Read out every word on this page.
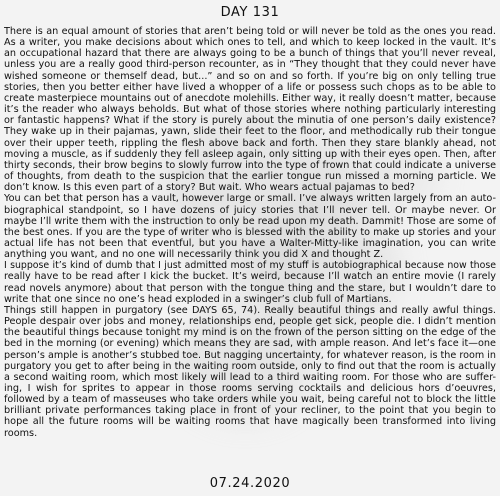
DAY 131
There is an equal amount of stories that aren’t being told or will never be told as the ones you read.
As a writer, you make decisions about which ones to tell, and which to keep locked in the vault. It’s
an occupational hazard that there are always going to be a bunch of things that you’ll never reveal,
unless you are a really good third-person recounter, as in “They thought that they could never have
wished someone or themself dead, but...” and so on and so forth. If you’re big on only telling true
stories, then you better either have lived a whopper of a life or possess such chops as to be able to
create masterpiece mountains out of anecdote molehills. Either way, it really doesn’t matter, because
it’s the reader who always beholds. But what of those stories where nothing particularly interesting
or fantastic happens? What if the story is purely about the minutia of one person’s daily existence?
They wake up in their pajamas, yawn, slide their feet to the floor, and methodically rub their tongue
over their upper teeth, rippling the flesh above back and forth. Then they stare blankly ahead, not
moving a muscle, as if suddenly they fell asleep again, only sitting up with their eyes open. Then, after
thirty seconds, their brow begins to slowly furrow into the type of frown that could indicate a universe
of thoughts, from death to the suspicion that the earlier tongue run missed a morning particle. We
don’t know. Is this even part of a story? But wait. Who wears actual pajamas to bed?
You can bet that person has a vault, however large or small. I’ve always written largely from an auto-
biographical standpoint, so I have dozens of juicy stories that I’ll never tell. Or maybe never. Or
maybe I’ll write them with the instruction to only be read upon my death. Dammit! Those are some of
the best ones. If you are the type of writer who is blessed with the ability to make up stories and your
actual life has not been that eventful, but you have a Walter-Mitty-like imagination, you can write
anything you want, and no one will necessarily think you did X and thought Z.
I suppose it’s kind of dumb that I just admitted most of my stuff is autobiographical because now those
really have to be read after I kick the bucket. It’s weird, because I’ll watch an entire movie (I rarely
read novels anymore) about that person with the tongue thing and the stare, but I wouldn’t dare to
write that one since no one’s head exploded in a swinger’s club full of Martians.
Things still happen in purgatory (see DAYS 65, 74). Really beautiful things and really awful things.
People despair over jobs and money, relationships end, people get sick, people die. I didn’t mention
the beautiful things because tonight my mind is on the frown of the person sitting on the edge of the
bed in the morning (or evening) which means they are sad, with ample reason. And let’s face it—one
person’s ample is another’s stubbed toe. But nagging uncertainty, for whatever reason, is the room in
purgatory you get to after being in the waiting room outside, only to find out that the room is actually
a second waiting room, which most likely will lead to a third waiting room. For those who are suffer-
ing, I wish for sprites to appear in those rooms serving cocktails and delicious hors d’oeuvres,
followed by a team of masseuses who take orders while you wait, being careful not to block the little
brilliant private performances taking place in front of your recliner, to the point that you begin to
hope all the future rooms will be waiting rooms that have magically been transformed into living
rooms.
07.24.2020
